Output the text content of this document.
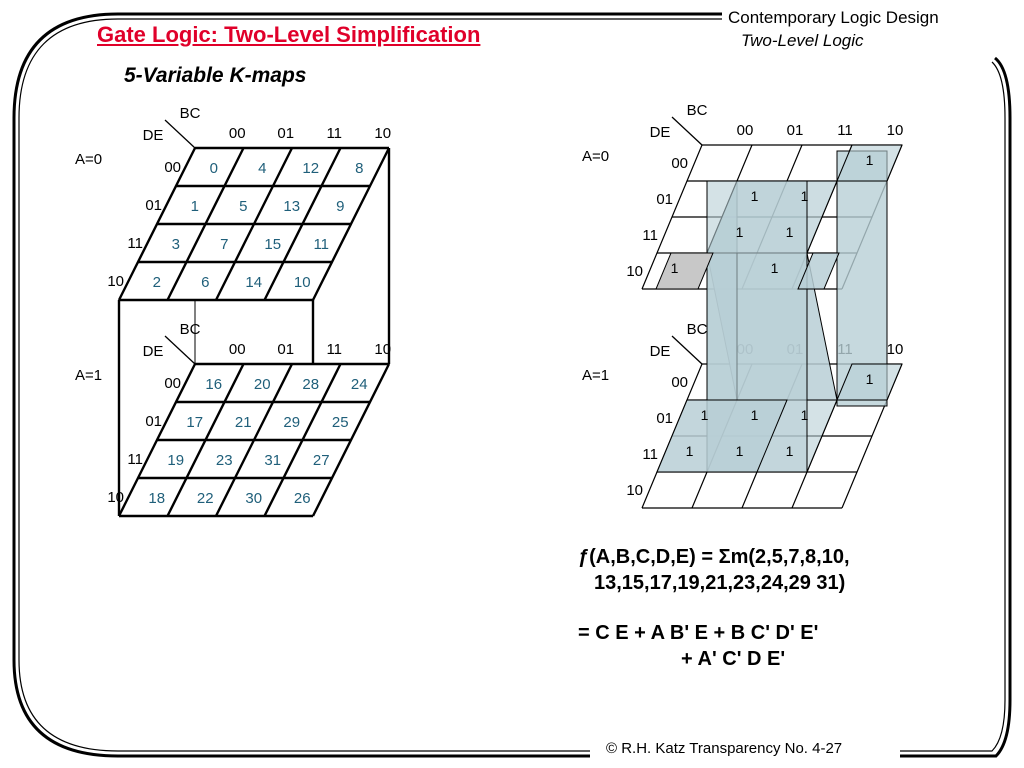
Gate Logic: Two-Level Simplification
Contemporary Logic Design
Two-Level Logic
5-Variable K-maps
00 01 11 10
00
01
11
10
BC
DE
A=0
0	4 12 8
1	5 13 9
3	7 15 11
2	6 14 10
00 01 11 10
00
01
11
10
BC
DE
A=1
16 20 28 24
17 21 29 25
19 23 31 27
18 22 30 26
00 01 11 10
00
01
11
10
BC
DE
A=0
10
00
01
11
10
BC
DE
A=1
1
1	1
1	1
1	1
1
1	1	1
1	1	1
ƒ(A,B,C,D,E) = Σm(2,5,7,8,10,
13,15,17,19,21,23,24,29 31)
= C E + A B' E + B C' D' E'
+ A' C' D E'
© R.H. Katz Transparency No. 4-27
